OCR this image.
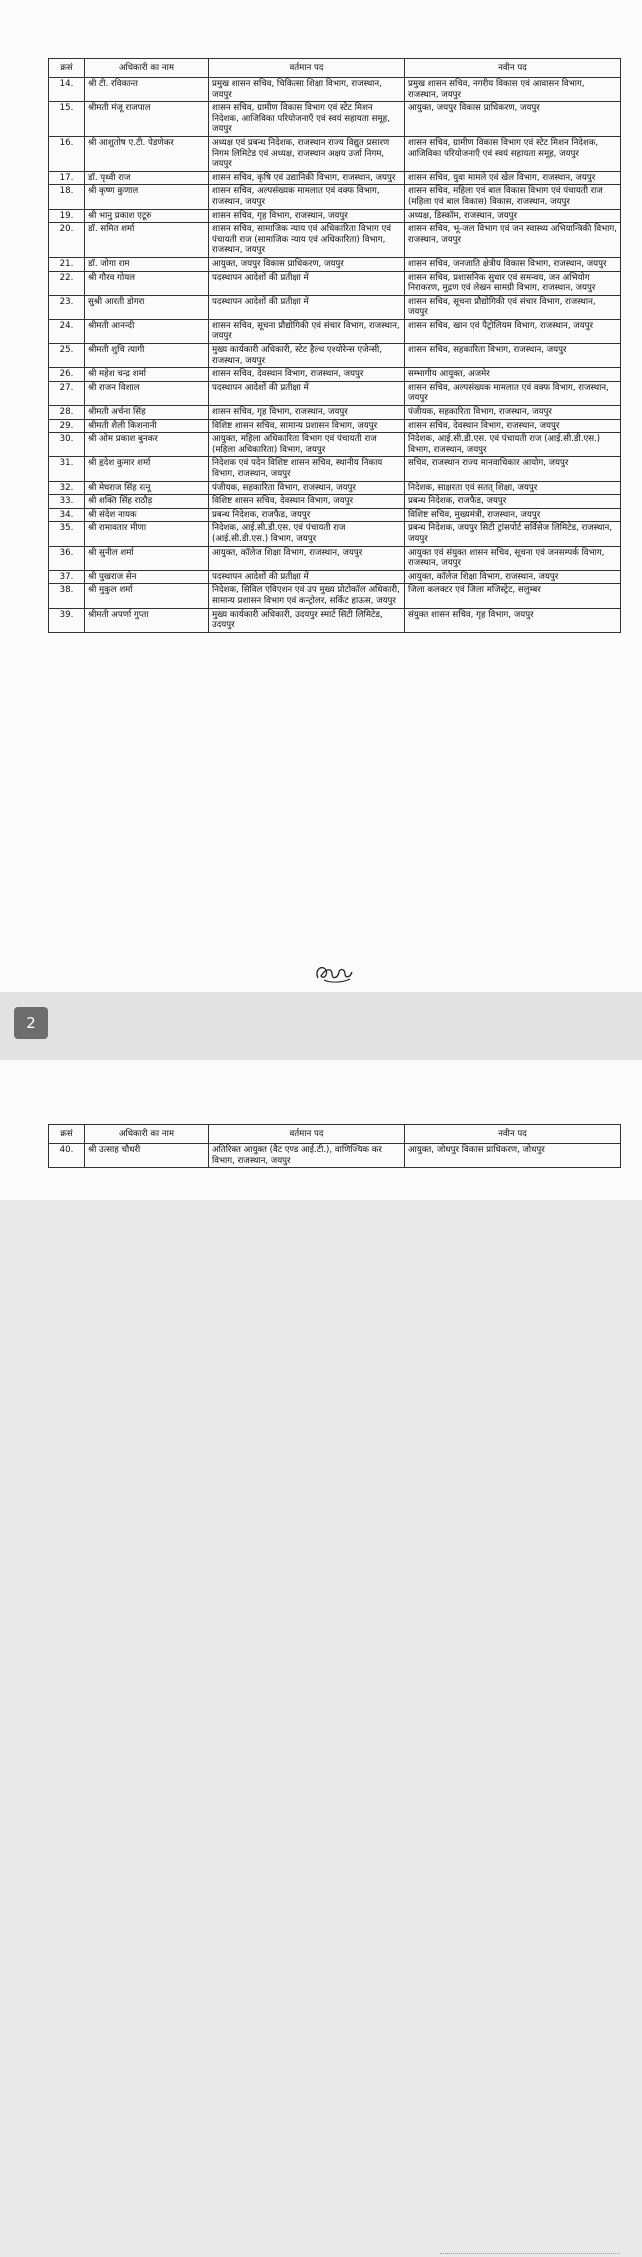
क्रसं	अधिकारी का नाम	वर्तमान पद	नवीन पद
14.	श्री टी. रविकान्त	प्रमुख शासन सचिव, चिकित्सा शिक्षा विभाग, राजस्थान, जयपुर	प्रमुख शासन सचिव, नगरीय विकास एवं आवासन विभाग, राजस्थान, जयपुर
15.	श्रीमती मंजू राजपाल	शासन सचिव, ग्रामीण विकास विभाग एवं स्टेट मिशन निदेशक, आजिविका परियोजनाएँ एवं स्वयं सहायता समूह, जयपुर	आयुक्त, जयपुर विकास प्राधिकरण, जयपुर
16.	श्री आशुतोष ए.टी. पेडणेकर	अध्यक्ष एवं प्रबन्ध निदेशक, राजस्थान राज्य विद्युत प्रसारण निगम लिमिटेड एवं अध्यक्ष, राजस्थान अक्षय उर्जा निगम, जयपुर	शासन सचिव, ग्रामीण विकास विभाग एवं स्टेट मिशन निदेशक, आजिविका परियोजनाएँ एवं स्वयं सहायता समूह, जयपुर
17.	डॉ. पृथ्वी राज	शासन सचिव, कृषि एवं उद्यानिकी विभाग, राजस्थान, जयपुर	शासन सचिव, युवा मामले एवं खेल विभाग, राजस्थान, जयपुर
18.	श्री कृष्ण कुणाल	शासन सचिव, अल्पसंख्यक मामलात एवं वक्फ विभाग, राजस्थान, जयपुर	शासन सचिव, महिला एवं बाल विकास विभाग एवं पंचायती राज (महिला एवं बाल विकास) विकास, राजस्थान, जयपुर
19.	श्री भानु प्रकाश एटूरु	शासन सचिव, गृह विभाग, राजस्थान, जयपुर	अध्यक्ष, डिस्कॉम, राजस्थान, जयपुर
20.	डॉ. समित शर्मा	शासन सचिव, सामाजिक न्याय एवं अधिकारिता विभाग एवं पंचायती राज (सामाजिक न्याय एवं अधिकारिता) विभाग, राजस्थान, जयपुर	शासन सचिव, भू-जल विभाग एवं जन स्वास्थ्य अभियान्त्रिकी विभाग, राजस्थान, जयपुर
21.	डॉ. जोगा राम	आयुक्त, जयपुर विकास प्राधिकरण, जयपुर	शासन सचिव, जनजाति क्षेत्रीय विकास विभाग, राजस्थान, जयपुर
22.	श्री गौरव गोयल	पदस्थापन आदेशों की प्रतीक्षा में	शासन सचिव, प्रशासनिक सुधार एवं समन्वय, जन अभियोग निराकरण, मुद्रण एवं लेखन सामग्री विभाग, राजस्थान, जयपुर
23.	सुश्री आरती डोगरा	पदस्थापन आदेशों की प्रतीक्षा में	शासन सचिव, सूचना प्रौद्योगिकी एवं संचार विभाग, राजस्थान, जयपुर
24.	श्रीमती आनन्दी	शासन सचिव, सूचना प्रौद्योगिकी एवं संचार विभाग, राजस्थान, जयपुर	शासन सचिव, खान एवं पैट्रोलियम विभाग, राजस्थान, जयपुर
25.	श्रीमती शुचि त्यागी	मुख्य कार्यकारी अधिकारी, स्टेट हैल्थ एश्योरेन्स एजेन्सी, राजस्थान, जयपुर	शासन सचिव, सहकारिता विभाग, राजस्थान, जयपुर
26.	श्री महेश चन्द्र शर्मा	शासन सचिव, देवस्थान विभाग, राजस्थान, जयपुर	सम्भागीय आयुक्त, अजमेर
27.	श्री राजन विशाल	पदस्थापन आदेशों की प्रतीक्षा में	शासन सचिव, अल्पसंख्यक मामलात एवं वक्फ विभाग, राजस्थान, जयपुर
28.	श्रीमती अर्चना सिंह	शासन सचिव, गृह विभाग, राजस्थान, जयपुर	पंजीयक, सहकारिता विभाग, राजस्थान, जयपुर
29.	श्रीमती शैली किशनानी	विशिष्ट शासन सचिव, सामान्य प्रशासन विभाग, जयपुर	शासन सचिव, देवस्थान विभाग, राजस्थान, जयपुर
30.	श्री ओम प्रकाश बुनकर	आयुक्त, महिला अधिकारिता विभाग एवं पंचायती राज (महिला अधिकारिता) विभाग, जयपुर	निदेशक, आई.सी.डी.एस. एवं पंचायती राज (आई.सी.डी.एस.) विभाग, राजस्थान, जयपुर
31.	श्री हृदेश कुमार शर्मा	निदेशक एवं पदेन विशिष्ट शासन सचिव, स्थानीय निकाय विभाग, राजस्थान, जयपुर	सचिव, राजस्थान राज्य मानवाधिकार आयोग, जयपुर
32.	श्री मेघराज सिंह रत्नू	पंजीयक, सहकारिता विभाग, राजस्थान, जयपुर	निदेशक, साक्षरता एवं सतत् शिक्षा, जयपुर
33.	श्री शक्ति सिंह राठौड़	विशिष्ट शासन सचिव, देवस्थान विभाग, जयपुर	प्रबन्ध निदेशक, राजफैड, जयपुर
34.	श्री संदेश नायक	प्रबन्ध निदेशक, राजफैड, जयपुर	विशिष्ट सचिव, मुख्यमंत्री, राजस्थान, जयपुर
35.	श्री रामावतार मीणा	निदेशक, आई.सी.डी.एस. एवं पंचायती राज (आई.सी.डी.एस.) विभाग, जयपुर	प्रबन्ध निदेशक, जयपुर सिटी ट्रांसपोर्ट सर्विसेज लिमिटेड, राजस्थान, जयपुर
36.	श्री सुनील शर्मा	आयुक्त, कॉलेज शिक्षा विभाग, राजस्थान, जयपुर	आयुक्त एवं संयुक्त शासन सचिव, सूचना एवं जनसम्पर्क विभाग, राजस्थान, जयपुर
37.	श्री पुखराज सेन	पदस्थापन आदेशों की प्रतीक्षा में	आयुक्त, कॉलेज शिक्षा विभाग, राजस्थान, जयपुर
38.	श्री मुकुल शर्मा	निदेशक, सिविल एविएशन एवं उप मुख्य प्रोटोकॉल अधिकारी, सामान्य प्रशासन विभाग एवं कन्ट्रोलर, सर्किट हाऊस, जयपुर	जिला कलक्टर एवं जिला मजिस्ट्रेट, सलुम्बर
39.	श्रीमती अपर्णा गुप्ता	मुख्य कार्यकारी अधिकारी, उदयपुर स्मार्ट सिटी लिमिटेड, उदयपुर	संयुक्त शासन सचिव, गृह विभाग, जयपुर
2
क्रसं	अधिकारी का नाम	वर्तमान पद	नवीन पद
40.	श्री उत्साह चौधरी	अतिरिक्त आयुक्त (वैट एण्ड आई.टी.), वाणिज्यिक कर विभाग, राजस्थान, जयपुर	आयुक्त, जोधपुर विकास प्राधिकरण, जोधपुर
